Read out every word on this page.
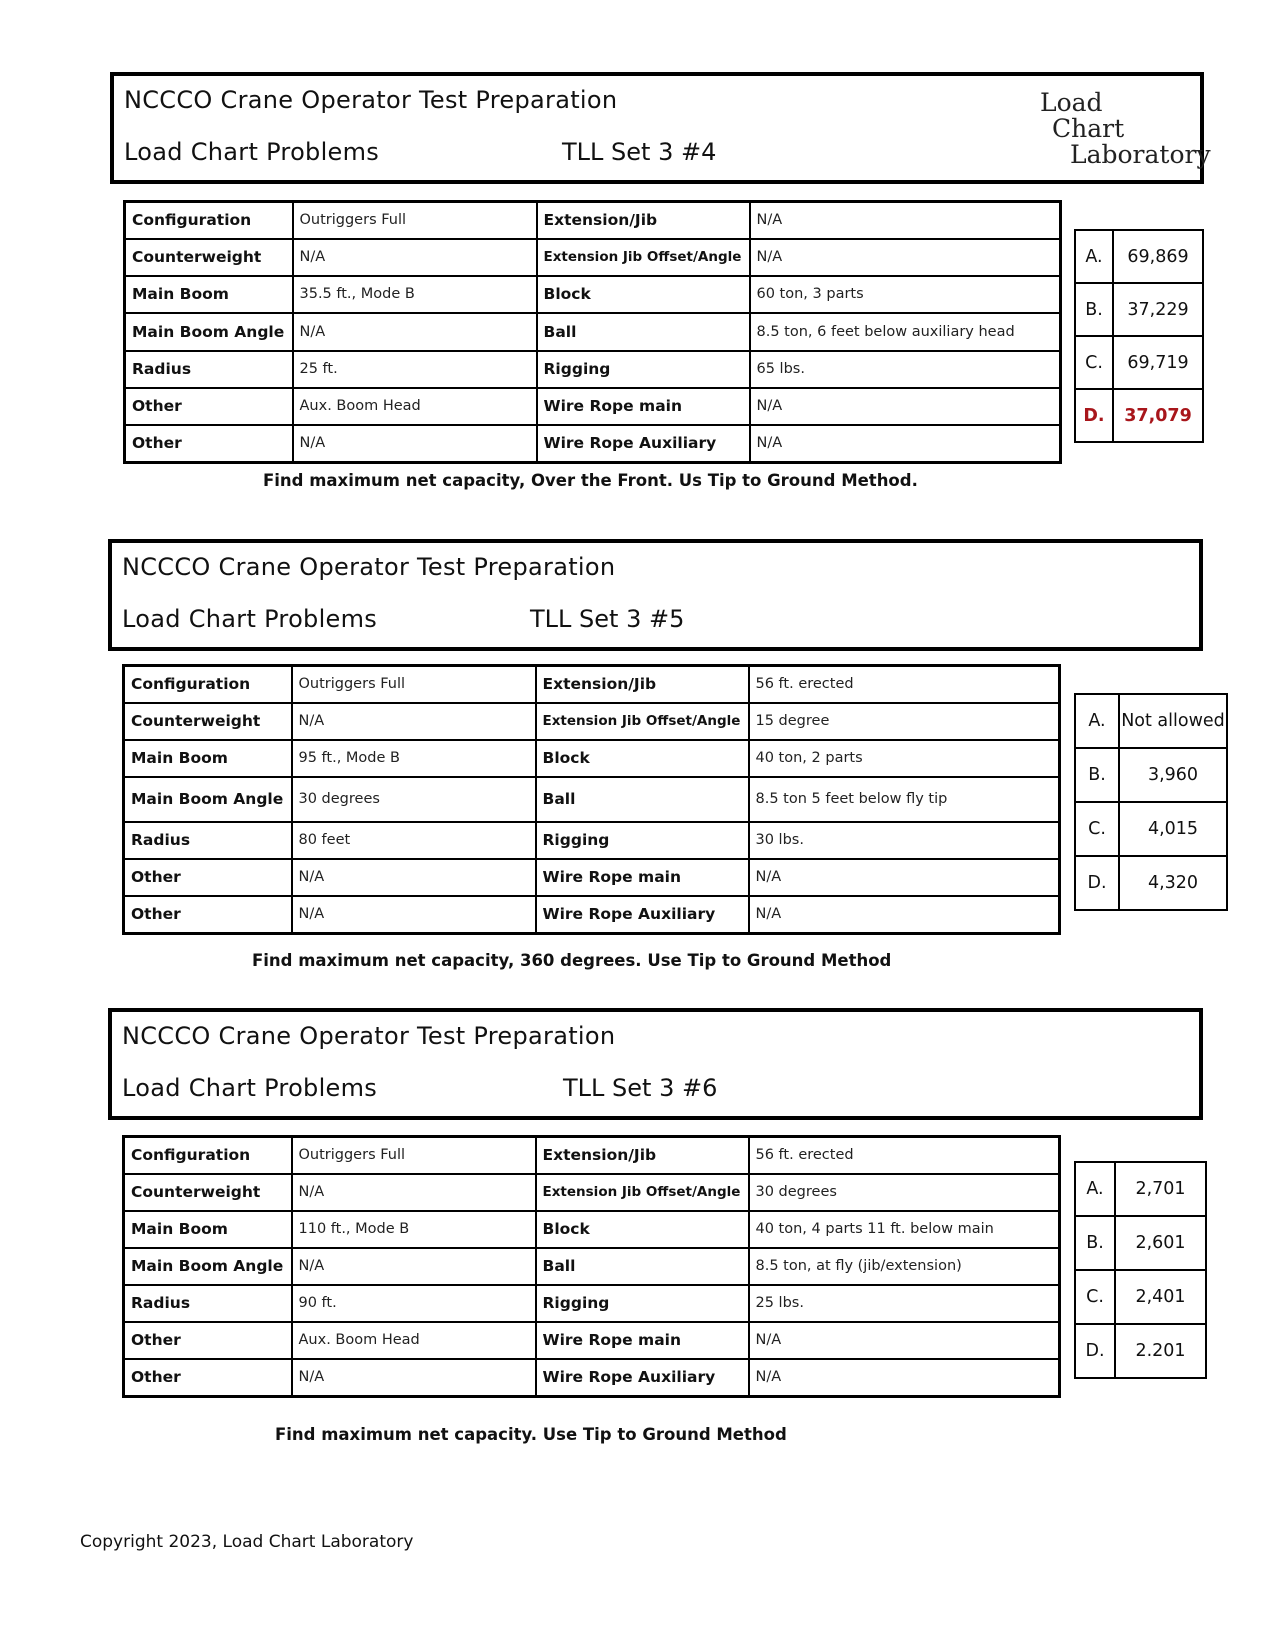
NCCCO Crane Operator Test Preparation
Load Chart Problems	TLL Set 3 #4
Load
Chart
Laboratory
Configuration	Outriggers Full	Extension/Jib	N/A
Counterweight	N/A	Extension Jib Offset/Angle	N/A
Main Boom	35.5 ft., Mode B	Block	60 ton, 3 parts
Main Boom Angle	N/A	Ball	8.5 ton, 6 feet below auxiliary head
Radius	25 ft.	Rigging	65 lbs.
Other	Aux. Boom Head	Wire Rope main	N/A
Other	N/A	Wire Rope Auxiliary	N/A
A.	69,869
B.	37,229
C.	69,719
D.	37,079
Find maximum net capacity, Over the Front. Us Tip to Ground Method.
NCCCO Crane Operator Test Preparation
Load Chart Problems	TLL Set 3 #5
Configuration	Outriggers Full	Extension/Jib	56 ft. erected
Counterweight	N/A	Extension Jib Offset/Angle	15 degree
Main Boom	95 ft., Mode B	Block	40 ton, 2 parts
Main Boom Angle	30 degrees	Ball	8.5 ton 5 feet below fly tip
Radius	80 feet	Rigging	30 lbs.
Other	N/A	Wire Rope main	N/A
Other	N/A	Wire Rope Auxiliary	N/A
A.	Not allowed
B.	3,960
C.	4,015
D.	4,320
Find maximum net capacity, 360 degrees. Use Tip to Ground Method
NCCCO Crane Operator Test Preparation
Load Chart Problems	TLL Set 3 #6
Configuration	Outriggers Full	Extension/Jib	56 ft. erected
Counterweight	N/A	Extension Jib Offset/Angle	30 degrees
Main Boom	110 ft., Mode B	Block	40 ton, 4 parts 11 ft. below main
Main Boom Angle	N/A	Ball	8.5 ton, at fly (jib/extension)
Radius	90 ft.	Rigging	25 lbs.
Other	Aux. Boom Head	Wire Rope main	N/A
Other	N/A	Wire Rope Auxiliary	N/A
A.	2,701
B.	2,601
C.	2,401
D.	2.201
Find maximum net capacity. Use Tip to Ground Method
Copyright 2023, Load Chart Laboratory
